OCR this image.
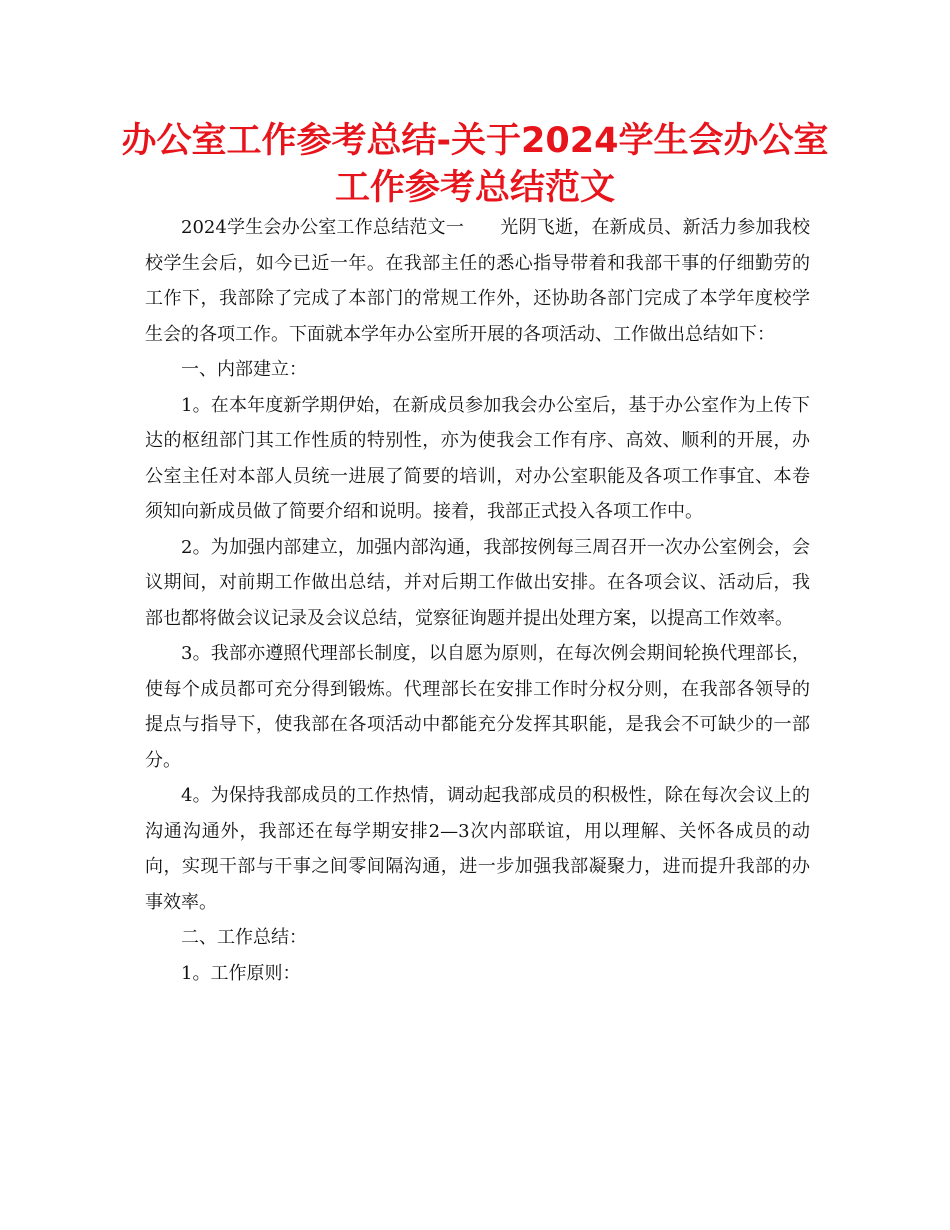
办公室工作参考总结-关于2024学生会办公室工作参考总结范文

2024学生会办公室工作总结范文一 光阴飞逝，在新成员、新活力参加我校校学生会后，如今已近一年。在我部主任的悉心指导带着和我部干事的仔细勤劳的工作下，我部除了完成了本部门的常规工作外，还协助各部门完成了本学年度校学生会的各项工作。下面就本学年办公室所开展的各项活动、工作做出总结如下：

一、内部建立：

1。在本年度新学期伊始，在新成员参加我会办公室后，基于办公室作为上传下达的枢纽部门其工作性质的特别性，亦为使我会工作有序、高效、顺利的开展，办公室主任对本部人员统一进展了简要的培训，对办公室职能及各项工作事宜、本卷须知向新成员做了简要介绍和说明。接着，我部正式投入各项工作中。

2。为加强内部建立，加强内部沟通，我部按例每三周召开一次办公室例会，会议期间，对前期工作做出总结，并对后期工作做出安排。在各项会议、活动后，我部也都将做会议记录及会议总结，觉察征询题并提出处理方案，以提高工作效率。

3。我部亦遵照代理部长制度，以自愿为原则，在每次例会期间轮换代理部长，使每个成员都可充分得到锻炼。代理部长在安排工作时分权分则，在我部各领导的提点与指导下，使我部在各项活动中都能充分发挥其职能，是我会不可缺少的一部分。

4。为保持我部成员的工作热情，调动起我部成员的积极性，除在每次会议上的沟通沟通外，我部还在每学期安排2—3次内部联谊，用以理解、关怀各成员的动向，实现干部与干事之间零间隔沟通，进一步加强我部凝聚力，进而提升我部的办事效率。

二、工作总结：

1。工作原则：
